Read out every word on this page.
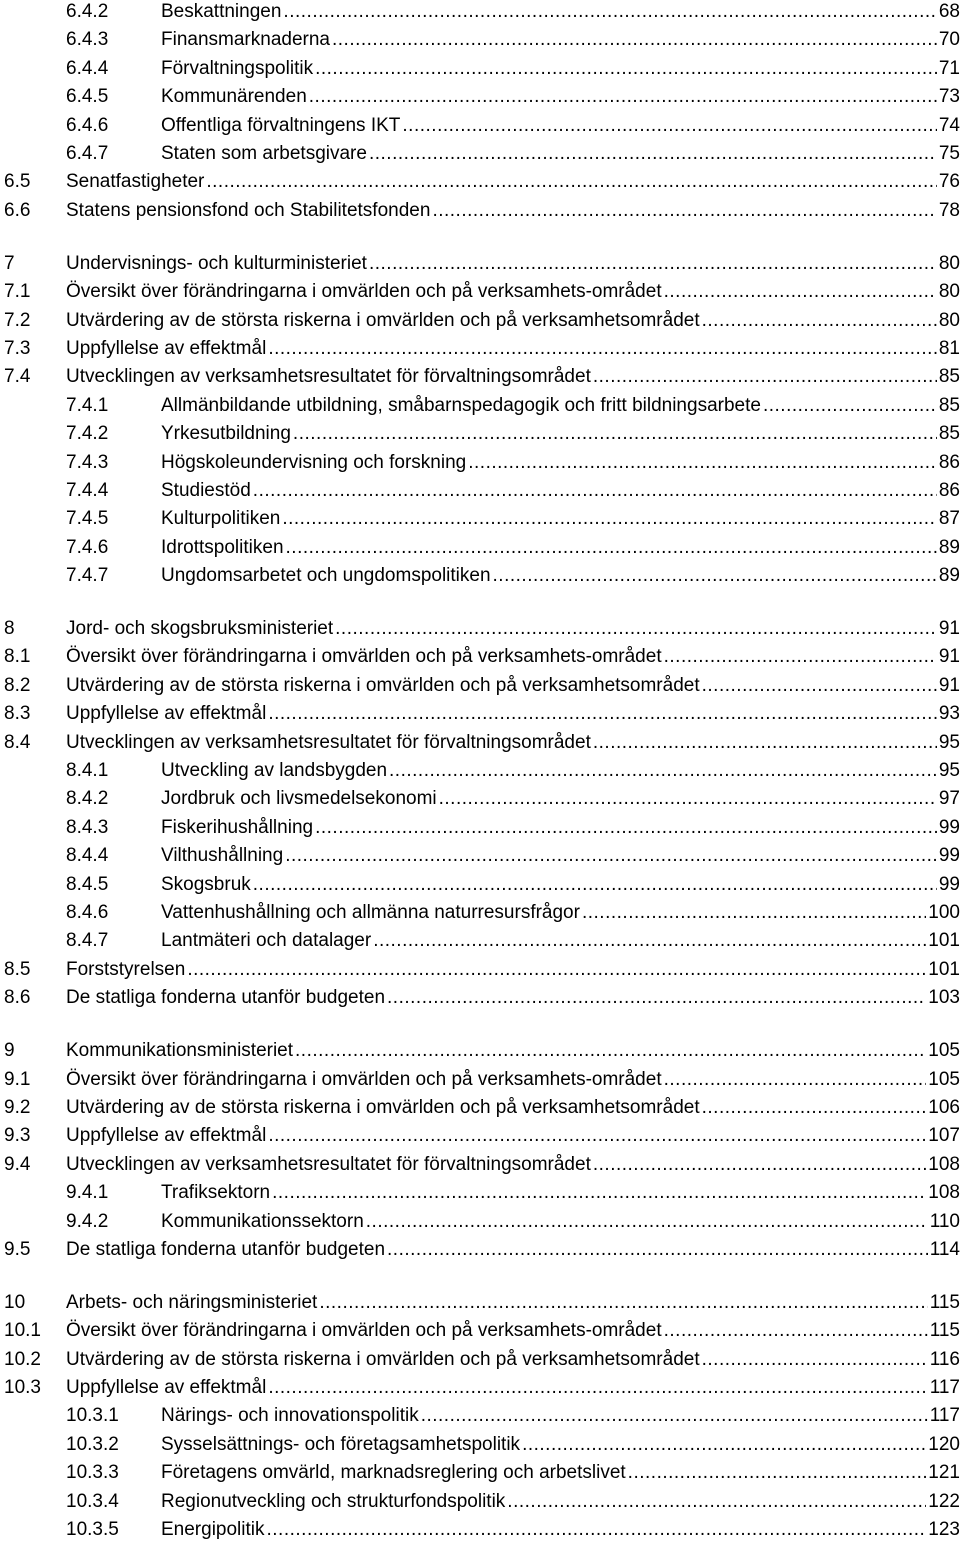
6.4.2	Beskattningen .....	68
6.4.3	Finansmarknaderna .....	70
6.4.4	Förvaltningspolitik .....	71
6.4.5	Kommunärenden .....	73
6.4.6	Offentliga förvaltningens IKT .....	74
6.4.7	Staten som arbetsgivare .....	75
6.5 Senatfastigheter .....	76
6.6 Statens pensionsfond och Stabilitetsfonden .....	78
7	Undervisnings- och kulturministeriet .....	80
7.1 Översikt över förändringarna i omvärlden och på verksamhets-området .....	80
7.2 Utvärdering av de största riskerna i omvärlden och på verksamhetsområdet .....	80
7.3 Uppfyllelse av effektmål .....	81
7.4 Utvecklingen av verksamhetsresultatet för förvaltningsområdet .....	85
7.4.1	Allmänbildande utbildning, småbarnspedagogik och fritt bildningsarbete .....	85
7.4.2	Yrkesutbildning .....	85
7.4.3	Högskoleundervisning och forskning .....	86
7.4.4	Studiestöd .....	86
7.4.5	Kulturpolitiken .....	87
7.4.6	Idrottspolitiken .....	89
7.4.7	Ungdomsarbetet och ungdomspolitiken .....	89
8	Jord- och skogsbruksministeriet .....	91
8.1 Översikt över förändringarna i omvärlden och på verksamhets-området .....	91
8.2 Utvärdering av de största riskerna i omvärlden och på verksamhetsområdet .....	91
8.3 Uppfyllelse av effektmål .....	93
8.4 Utvecklingen av verksamhetsresultatet för förvaltningsområdet .....	95
8.4.1	Utveckling av landsbygden .....	95
8.4.2	Jordbruk och livsmedelsekonomi .....	97
8.4.3	Fiskerihushållning .....	99
8.4.4	Vilthushållning .....	99
8.4.5	Skogsbruk .....	99
8.4.6	Vattenhushållning och allmänna naturresursfrågor .....	100
8.4.7	Lantmäteri och datalager .....	101
8.5 Forststyrelsen .....	101
8.6 De statliga fonderna utanför budgeten .....	103
9	Kommunikationsministeriet .....	105
9.1 Översikt över förändringarna i omvärlden och på verksamhets-området .....	105
9.2 Utvärdering av de största riskerna i omvärlden och på verksamhetsområdet .....	106
9.3 Uppfyllelse av effektmål .....	107
9.4 Utvecklingen av verksamhetsresultatet för förvaltningsområdet .....	108
9.4.1	Trafiksektorn .....	108
9.4.2	Kommunikationssektorn .....	110
9.5 De statliga fonderna utanför budgeten .....	114
10 Arbets- och näringsministeriet .....	115
10.1 Översikt över förändringarna i omvärlden och på verksamhets-området .....	115
10.2 Utvärdering av de största riskerna i omvärlden och på verksamhetsområdet .....	116
10.3 Uppfyllelse av effektmål .....	117
10.3.1 Närings- och innovationspolitik .....	117
10.3.2 Sysselsättnings- och företagsamhetspolitik .....	120
10.3.3 Företagens omvärld, marknadsreglering och arbetslivet .....	121
10.3.4 Regionutveckling och strukturfondspolitik .....	122
10.3.5 Energipolitik .....	123
